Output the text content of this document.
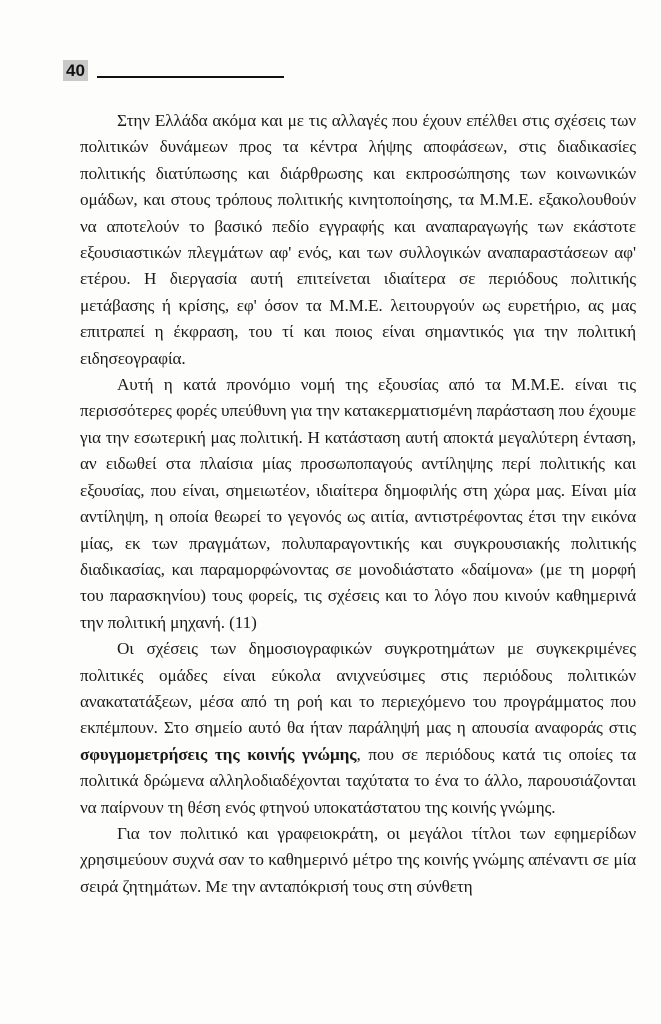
40

Στην Ελλάδα ακόμα και με τις αλλαγές που έχουν επέλθει στις σχέσεις των πολιτικών δυνάμεων προς τα κέντρα λήψης αποφάσεων, στις διαδικασίες πολιτικής διατύπωσης και διάρθρωσης και εκπροσώπησης των κοινωνικών ομάδων, και στους τρόπους πολιτικής κινητοποίησης, τα Μ.Μ.Ε. εξακολουθούν να αποτελούν το βασικό πεδίο εγγραφής και αναπαραγωγής των εκάστοτε εξουσιαστικών πλεγμάτων αφ' ενός, και των συλλογικών αναπαραστάσεων αφ' ετέρου. Η διεργασία αυτή επιτείνεται ιδιαίτερα σε περιόδους πολιτικής μετάβασης ή κρίσης, εφ' όσον τα Μ.Μ.Ε. λειτουργούν ως ευρετήριο, ας μας επιτραπεί η έκφραση, του τί και ποιος είναι σημαντικός για την πολιτική ειδησεογραφία.

Αυτή η κατά προνόμιο νομή της εξουσίας από τα Μ.Μ.Ε. είναι τις περισσότερες φορές υπεύθυνη για την κατακερματισμένη παράσταση που έχουμε για την εσωτερική μας πολιτική. Η κατάσταση αυτή αποκτά μεγαλύτερη ένταση, αν ειδωθεί στα πλαίσια μίας προσωποπαγούς αντίληψης περί πολιτικής και εξουσίας, που είναι, σημειωτέον, ιδιαίτερα δημοφιλής στη χώρα μας. Είναι μία αντίληψη, η οποία θεωρεί το γεγονός ως αιτία, αντιστρέφοντας έτσι την εικόνα μίας, εκ των πραγμάτων, πολυπαραγοντικής και συγκρουσιακής πολιτικής διαδικασίας, και παραμορφώνοντας σε μονοδιάστατο «δαίμονα» (με τη μορφή του παρασκηνίου) τους φορείς, τις σχέσεις και το λόγο που κινούν καθημερινά την πολιτική μηχανή. (11)

Οι σχέσεις των δημοσιογραφικών συγκροτημάτων με συγκεκριμένες πολιτικές ομάδες είναι εύκολα ανιχνεύσιμες στις περιόδους πολιτικών ανακατατάξεων, μέσα από τη ροή και το περιεχόμενο του προγράμματος που εκπέμπουν. Στο σημείο αυτό θα ήταν παράληψή μας η απουσία αναφοράς στις σφυγμομετρήσεις της κοινής γνώμης, που σε περιόδους κατά τις οποίες τα πολιτικά δρώμενα αλληλοδιαδέχονται ταχύτατα το ένα το άλλο, παρουσιάζονται να παίρνουν τη θέση ενός φτηνού υποκατάστατου της κοινής γνώμης.

Για τον πολιτικό και γραφειοκράτη, οι μεγάλοι τίτλοι των εφημερίδων χρησιμεύουν συχνά σαν το καθημερινό μέτρο της κοινής γνώμης απέναντι σε μία σειρά ζητημάτων. Με την ανταπόκρισή τους στη σύνθετη
